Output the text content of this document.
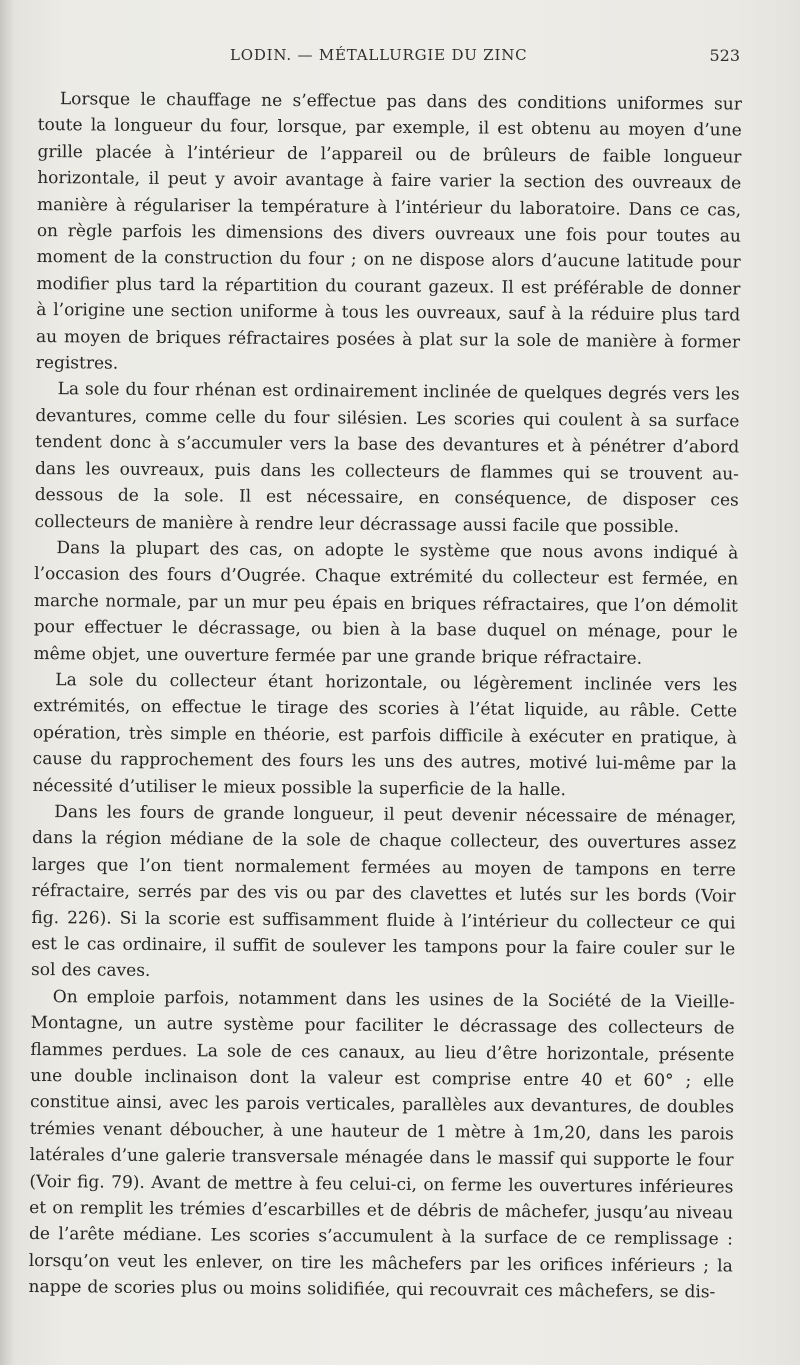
LODIN. — MÉTALLURGIE DU ZINC	523

Lorsque le chauffage ne s’effectue pas dans des conditions uniformes sur toute la longueur du four, lorsque, par exemple, il est obtenu au moyen d’une grille placée à l’intérieur de l’appareil ou de brûleurs de faible longueur horizontale, il peut y avoir avantage à faire varier la section des ouvreaux de manière à régulariser la température à l’intérieur du laboratoire. Dans ce cas, on règle parfois les dimensions des divers ouvreaux une fois pour toutes au moment de la construction du four ; on ne dispose alors d’aucune latitude pour modifier plus tard la répartition du courant gazeux. Il est préférable de donner à l’origine une section uniforme à tous les ouvreaux, sauf à la réduire plus tard au moyen de briques réfractaires posées à plat sur la sole de manière à former registres.

La sole du four rhénan est ordinairement inclinée de quelques degrés vers les devantures, comme celle du four silésien. Les scories qui coulent à sa surface tendent donc à s’accumuler vers la base des devantures et à pénétrer d’abord dans les ouvreaux, puis dans les collecteurs de flammes qui se trouvent au-dessous de la sole. Il est nécessaire, en conséquence, de disposer ces collecteurs de manière à rendre leur décrassage aussi facile que possible.

Dans la plupart des cas, on adopte le système que nous avons indiqué à l’occasion des fours d’Ougrée. Chaque extrémité du collecteur est fermée, en marche normale, par un mur peu épais en briques réfractaires, que l’on démolit pour effectuer le décrassage, ou bien à la base duquel on ménage, pour le même objet, une ouverture fermée par une grande brique réfractaire.

La sole du collecteur étant horizontale, ou légèrement inclinée vers les extrémités, on effectue le tirage des scories à l’état liquide, au râble. Cette opération, très simple en théorie, est parfois difficile à exécuter en pratique, à cause du rapprochement des fours les uns des autres, motivé lui-même par la nécessité d’utiliser le mieux possible la superficie de la halle.

Dans les fours de grande longueur, il peut devenir nécessaire de ménager, dans la région médiane de la sole de chaque collecteur, des ouvertures assez larges que l’on tient normalement fermées au moyen de tampons en terre réfractaire, serrés par des vis ou par des clavettes et lutés sur les bords (Voir fig. 226). Si la scorie est suffisamment fluide à l’intérieur du collecteur ce qui est le cas ordinaire, il suffit de soulever les tampons pour la faire couler sur le sol des caves.

On emploie parfois, notamment dans les usines de la Société de la Vieille-Montagne, un autre système pour faciliter le décrassage des collecteurs de flammes perdues. La sole de ces canaux, au lieu d’être horizontale, présente une double inclinaison dont la valeur est comprise entre 40 et 60° ; elle constitue ainsi, avec les parois verticales, parallèles aux devantures, de doubles trémies venant déboucher, à une hauteur de 1 mètre à 1m,20, dans les parois latérales d’une galerie transversale ménagée dans le massif qui supporte le four (Voir fig. 79). Avant de mettre à feu celui-ci, on ferme les ouvertures inférieures et on remplit les trémies d’escarbilles et de débris de mâchefer, jusqu’au niveau de l’arête médiane. Les scories s’accumulent à la surface de ce remplissage : lorsqu’on veut les enlever, on tire les mâchefers par les orifices inférieurs ; la nappe de scories plus ou moins solidifiée, qui recouvrait ces mâchefers, se dis-
